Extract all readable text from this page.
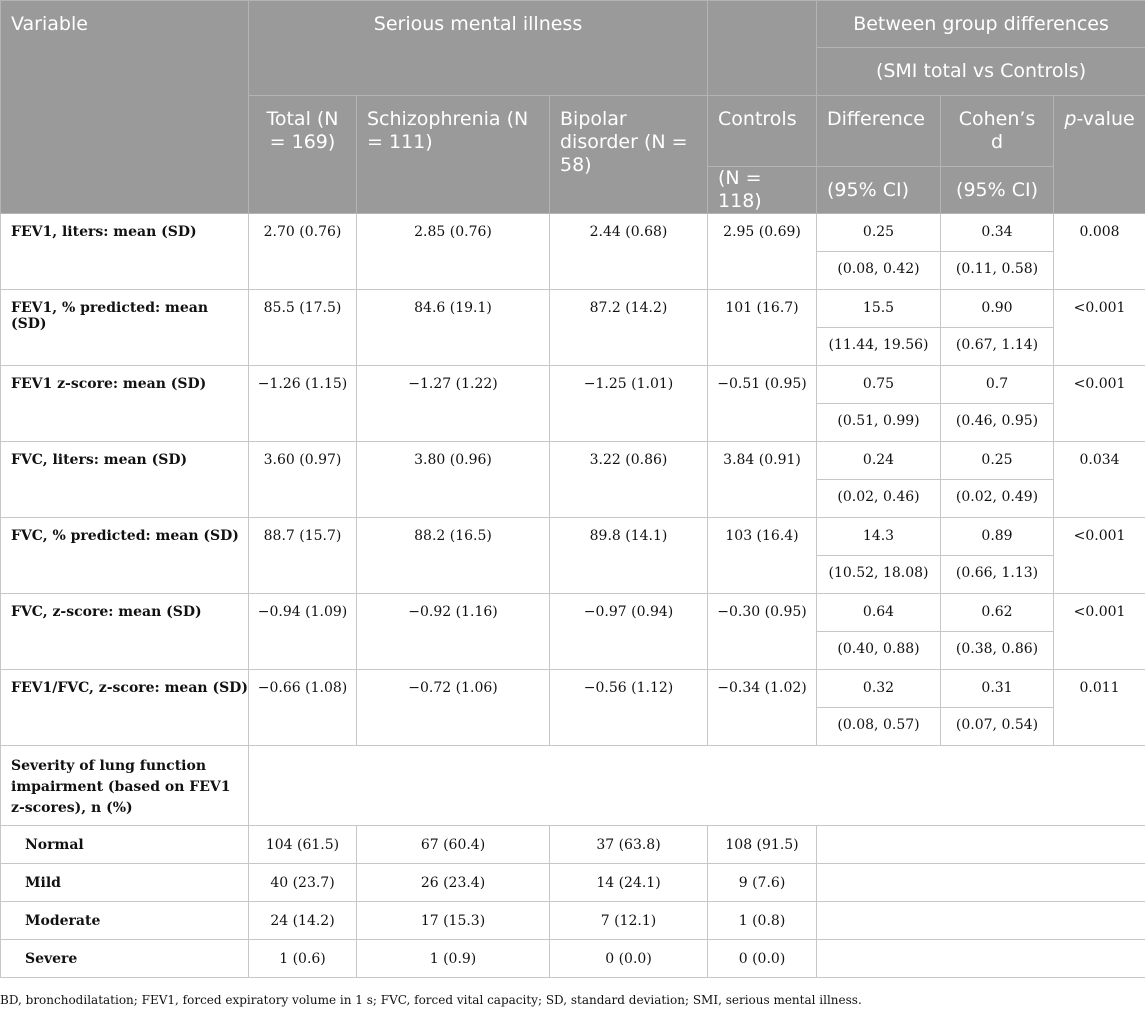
Variable	Serious mental illness				Between group differences		
					(SMI total vs Controls)		
	Total (N = 169)	Schizophrenia (N = 111)	Bipolar disorder (N = 58)	Controls	Difference	Cohen’s d	p-value
				(N = 118)	(95% CI)	(95% CI)	
FEV1, liters: mean (SD)	2.70 (0.76)	2.85 (0.76)	2.44 (0.68)	2.95 (0.69)	0.25	0.34	0.008
					(0.08, 0.42)	(0.11, 0.58)	
FEV1, % predicted: mean (SD)	85.5 (17.5)	84.6 (19.1)	87.2 (14.2)	101 (16.7)	15.5	0.90	<0.001
					(11.44, 19.56)	(0.67, 1.14)	
FEV1 z-score: mean (SD)	−1.26 (1.15)	−1.27 (1.22)	−1.25 (1.01)	−0.51 (0.95)	0.75	0.7	<0.001
					(0.51, 0.99)	(0.46, 0.95)	
FVC, liters: mean (SD)	3.60 (0.97)	3.80 (0.96)	3.22 (0.86)	3.84 (0.91)	0.24	0.25	0.034
					(0.02, 0.46)	(0.02, 0.49)	
FVC, % predicted: mean (SD)	88.7 (15.7)	88.2 (16.5)	89.8 (14.1)	103 (16.4)	14.3	0.89	<0.001
					(10.52, 18.08)	(0.66, 1.13)	
FVC, z-score: mean (SD)	−0.94 (1.09)	−0.92 (1.16)	−0.97 (0.94)	−0.30 (0.95)	0.64	0.62	<0.001
					(0.40, 0.88)	(0.38, 0.86)	
FEV1/FVC, z-score: mean (SD)	−0.66 (1.08)	−0.72 (1.06)	−0.56 (1.12)	−0.34 (1.02)	0.32	0.31	0.011
					(0.08, 0.57)	(0.07, 0.54)	
Severity of lung function impairment (based on FEV1 z-scores), n (%)							
Normal	104 (61.5)	67 (60.4)	37 (63.8)	108 (91.5)			
Mild	40 (23.7)	26 (23.4)	14 (24.1)	9 (7.6)			
Moderate	24 (14.2)	17 (15.3)	7 (12.1)	1 (0.8)			
Severe	1 (0.6)	1 (0.9)	0 (0.0)	0 (0.0)			
BD, bronchodilatation; FEV1, forced expiratory volume in 1 s; FVC, forced vital capacity; SD, standard deviation; SMI, serious mental illness.
